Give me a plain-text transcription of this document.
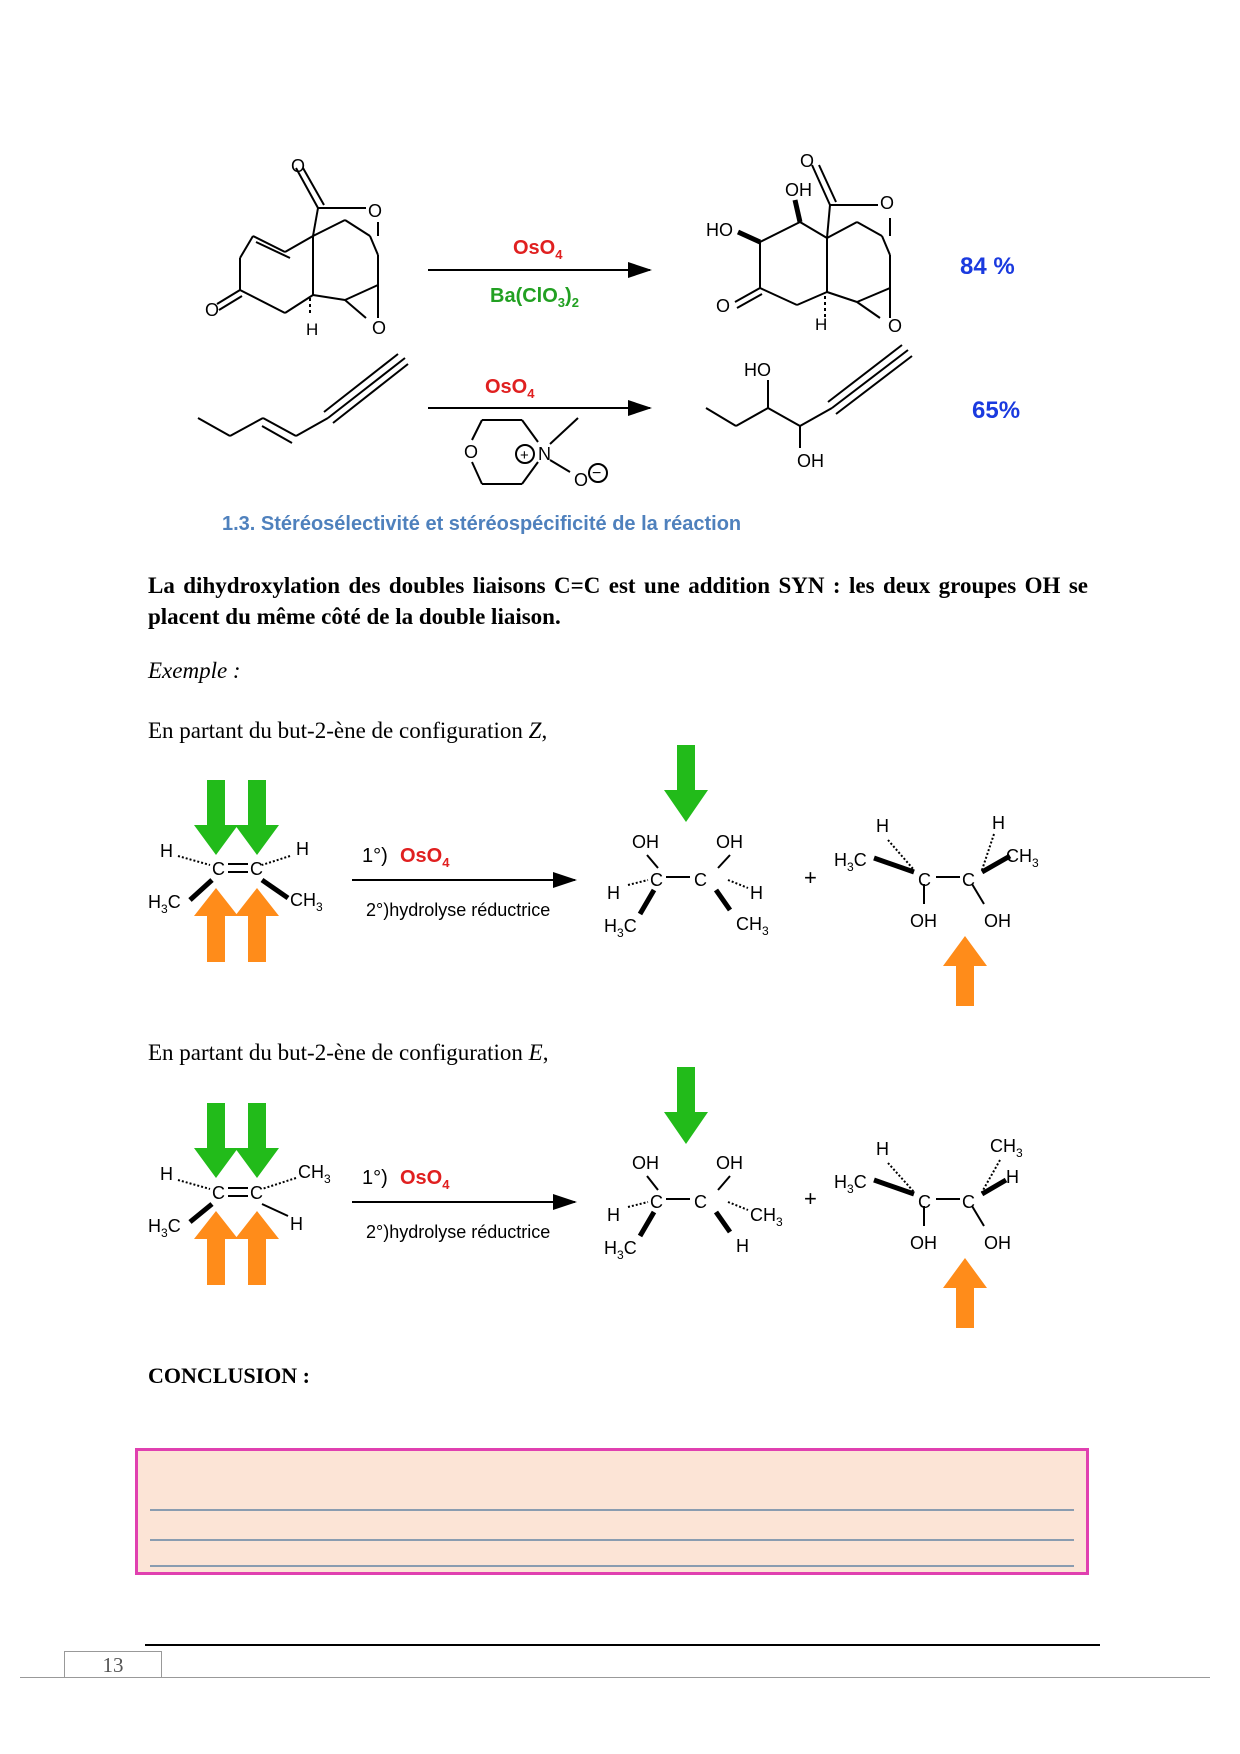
O
O
O
H	O
OsO$_4$
$Ba(ClO_3)_2$
O
OH
O
HO
O
H	O
84 %
OsO$_4$
O	+ N
O −
HO
OH
65%
H
C C
H
$H_3C$	$CH_3$
1°) OsO$_4$
2°)hydrolyse réductrice
OH	OH
C C
H	H
$H_3C$	$CH_3$
+
H	H
$H_3C$	$CH_3$
C C
OH	OH
H
C C
$CH_3$
$H_3C$	H
1°) OsO$_4$
2°)hydrolyse réductrice
OH	OH
C C
H	$CH_3$
$H_3C$	H
+
H	$CH_3$
$H_3C$	H
C C
OH	OH
1.3. Stéréosélectivité et stéréospécificité de la réaction
La dihydroxylation des doubles liaisons C=C est une addition SYN : les deux groupes OH se placent du même côté de la double liaison.
Exemple :
En partant du but-2-ène de configuration Z,
En partant du but-2-ène de configuration E,
CONCLUSION :
13
